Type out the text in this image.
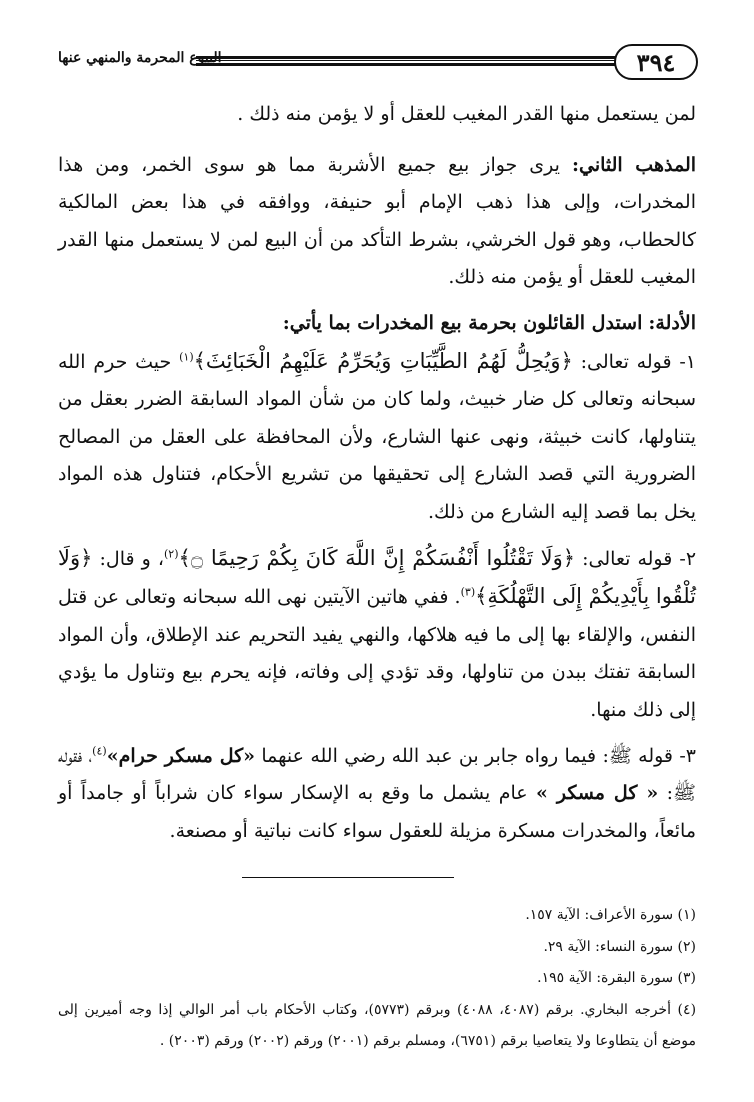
٣٩٤
البيوع المحرمة والمنهي عنها

لمن يستعمل منها القدر المغيب للعقل أو لا يؤمن منه ذلك .

المذهب الثاني: يرى جواز بيع جميع الأشربة مما هو سوى الخمر، ومن هذا المخدرات، وإلى هذا ذهب الإمام أبو حنيفة، ووافقه في هذا بعض المالكية كالحطاب، وهو قول الخرشي، بشرط التأكد من أن البيع لمن لا يستعمل منها القدر المغيب للعقل أو يؤمن منه ذلك.

الأدلة: استدل القائلون بحرمة بيع المخدرات بما يأتي:

١- قوله تعالى: ﴿وَيُحِلُّ لَهُمُ الطَّيِّبَاتِ وَيُحَرِّمُ عَلَيْهِمُ الْخَبَائِثَ﴾$^{(١)}$ حيث حرم الله سبحانه وتعالى كل ضار خبيث، ولما كان من شأن المواد السابقة الضرر بعقل من يتناولها، كانت خبيثة، ونهى عنها الشارع، ولأن المحافظة على العقل من المصالح الضرورية التي قصد الشارع إلى تحقيقها من تشريع الأحكام، فتناول هذه المواد يخل بما قصد إليه الشارع من ذلك.

٢- قوله تعالى: ﴿وَلَا تَقْتُلُوا أَنْفُسَكُمْ إِنَّ اللَّهَ كَانَ بِكُمْ رَحِيمًا ۝﴾$^{(٢)}$، و قال: ﴿وَلَا تُلْقُوا بِأَيْدِيكُمْ إِلَى التَّهْلُكَةِ﴾$^{(٣)}$. ففي هاتين الآيتين نهى الله سبحانه وتعالى عن قتل النفس، والإلقاء بها إلى ما فيه هلاكها، والنهي يفيد التحريم عند الإطلاق، وأن المواد السابقة تفتك ببدن من تناولها، وقد تؤدي إلى وفاته، فإنه يحرم بيع وتناول ما يؤدي إلى ذلك منها.

٣- قوله ﷺ: فيما رواه جابر بن عبد الله رضي الله عنهما «كل مسكر حرام»$^{(٤)}$، فقوله ﷺ: « كل مسكر » عام يشمل ما وقع به الإسكار سواء كان شراباً أو جامداً أو مائعاً، والمخدرات مسكرة مزيلة للعقول سواء كانت نباتية أو مصنعة.

(١) سورة الأعراف: الآية ١٥٧.

(٢) سورة النساء: الآية ٢٩.

(٣) سورة البقرة: الآية ١٩٥.

(٤) أخرجه البخاري. برقم (٤٠٨٧، ٤٠٨٨) وبرقم (٥٧٧٣)، وكتاب الأحكام باب أمر الوالي إذا وجه أميرين إلى موضع أن يتطاوعا ولا يتعاصيا برقم (٦٧٥١)، ومسلم برقم (٢٠٠١) ورقم (٢٠٠٢) ورقم (٢٠٠٣) .
